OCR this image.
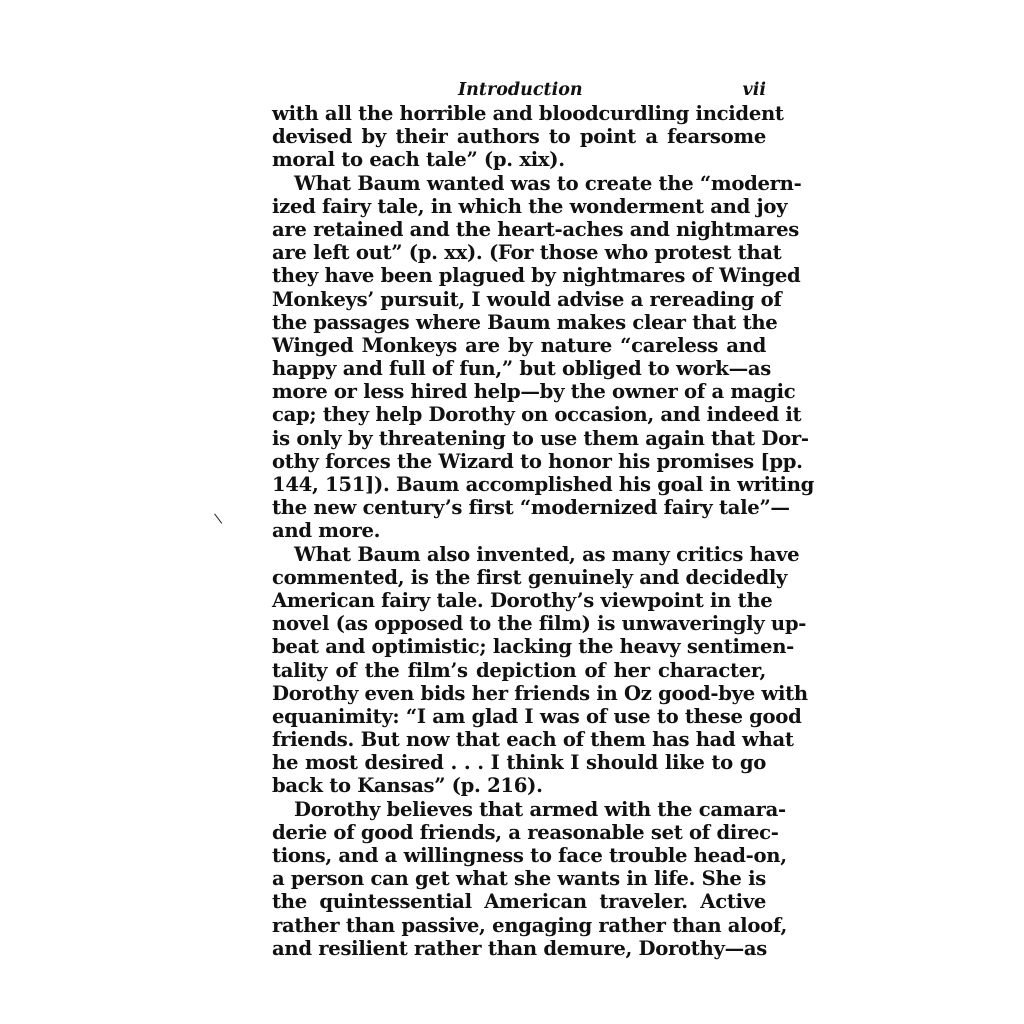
Introduction	vii
with all the horrible and bloodcurdling incident
devised by their authors to point a fearsome
moral to each tale” (p. xix).
What Baum wanted was to create the “modern-
ized fairy tale, in which the wonderment and joy
are retained and the heart-aches and nightmares
are left out” (p. xx). (For those who protest that
they have been plagued by nightmares of Winged
Monkeys’ pursuit, I would advise a rereading of
the passages where Baum makes clear that the
Winged Monkeys are by nature “careless and
happy and full of fun,” but obliged to work—as
more or less hired help—by the owner of a magic
cap; they help Dorothy on occasion, and indeed it
is only by threatening to use them again that Dor-
othy forces the Wizard to honor his promises [pp.
144, 151]). Baum accomplished his goal in writing
the new century’s first “modernized fairy tale”—
and more.
What Baum also invented, as many critics have
commented, is the first genuinely and decidedly
American fairy tale. Dorothy’s viewpoint in the
novel (as opposed to the film) is unwaveringly up-
beat and optimistic; lacking the heavy sentimen-
tality of the film’s depiction of her character,
Dorothy even bids her friends in Oz good-bye with
equanimity: “I am glad I was of use to these good
friends. But now that each of them has had what
he most desired . . . I think I should like to go
back to Kansas” (p. 216).
Dorothy believes that armed with the camara-
derie of good friends, a reasonable set of direc-
tions, and a willingness to face trouble head-on,
a person can get what she wants in life. She is
the quintessential American traveler. Active
rather than passive, engaging rather than aloof,
and resilient rather than demure, Dorothy—as
\
